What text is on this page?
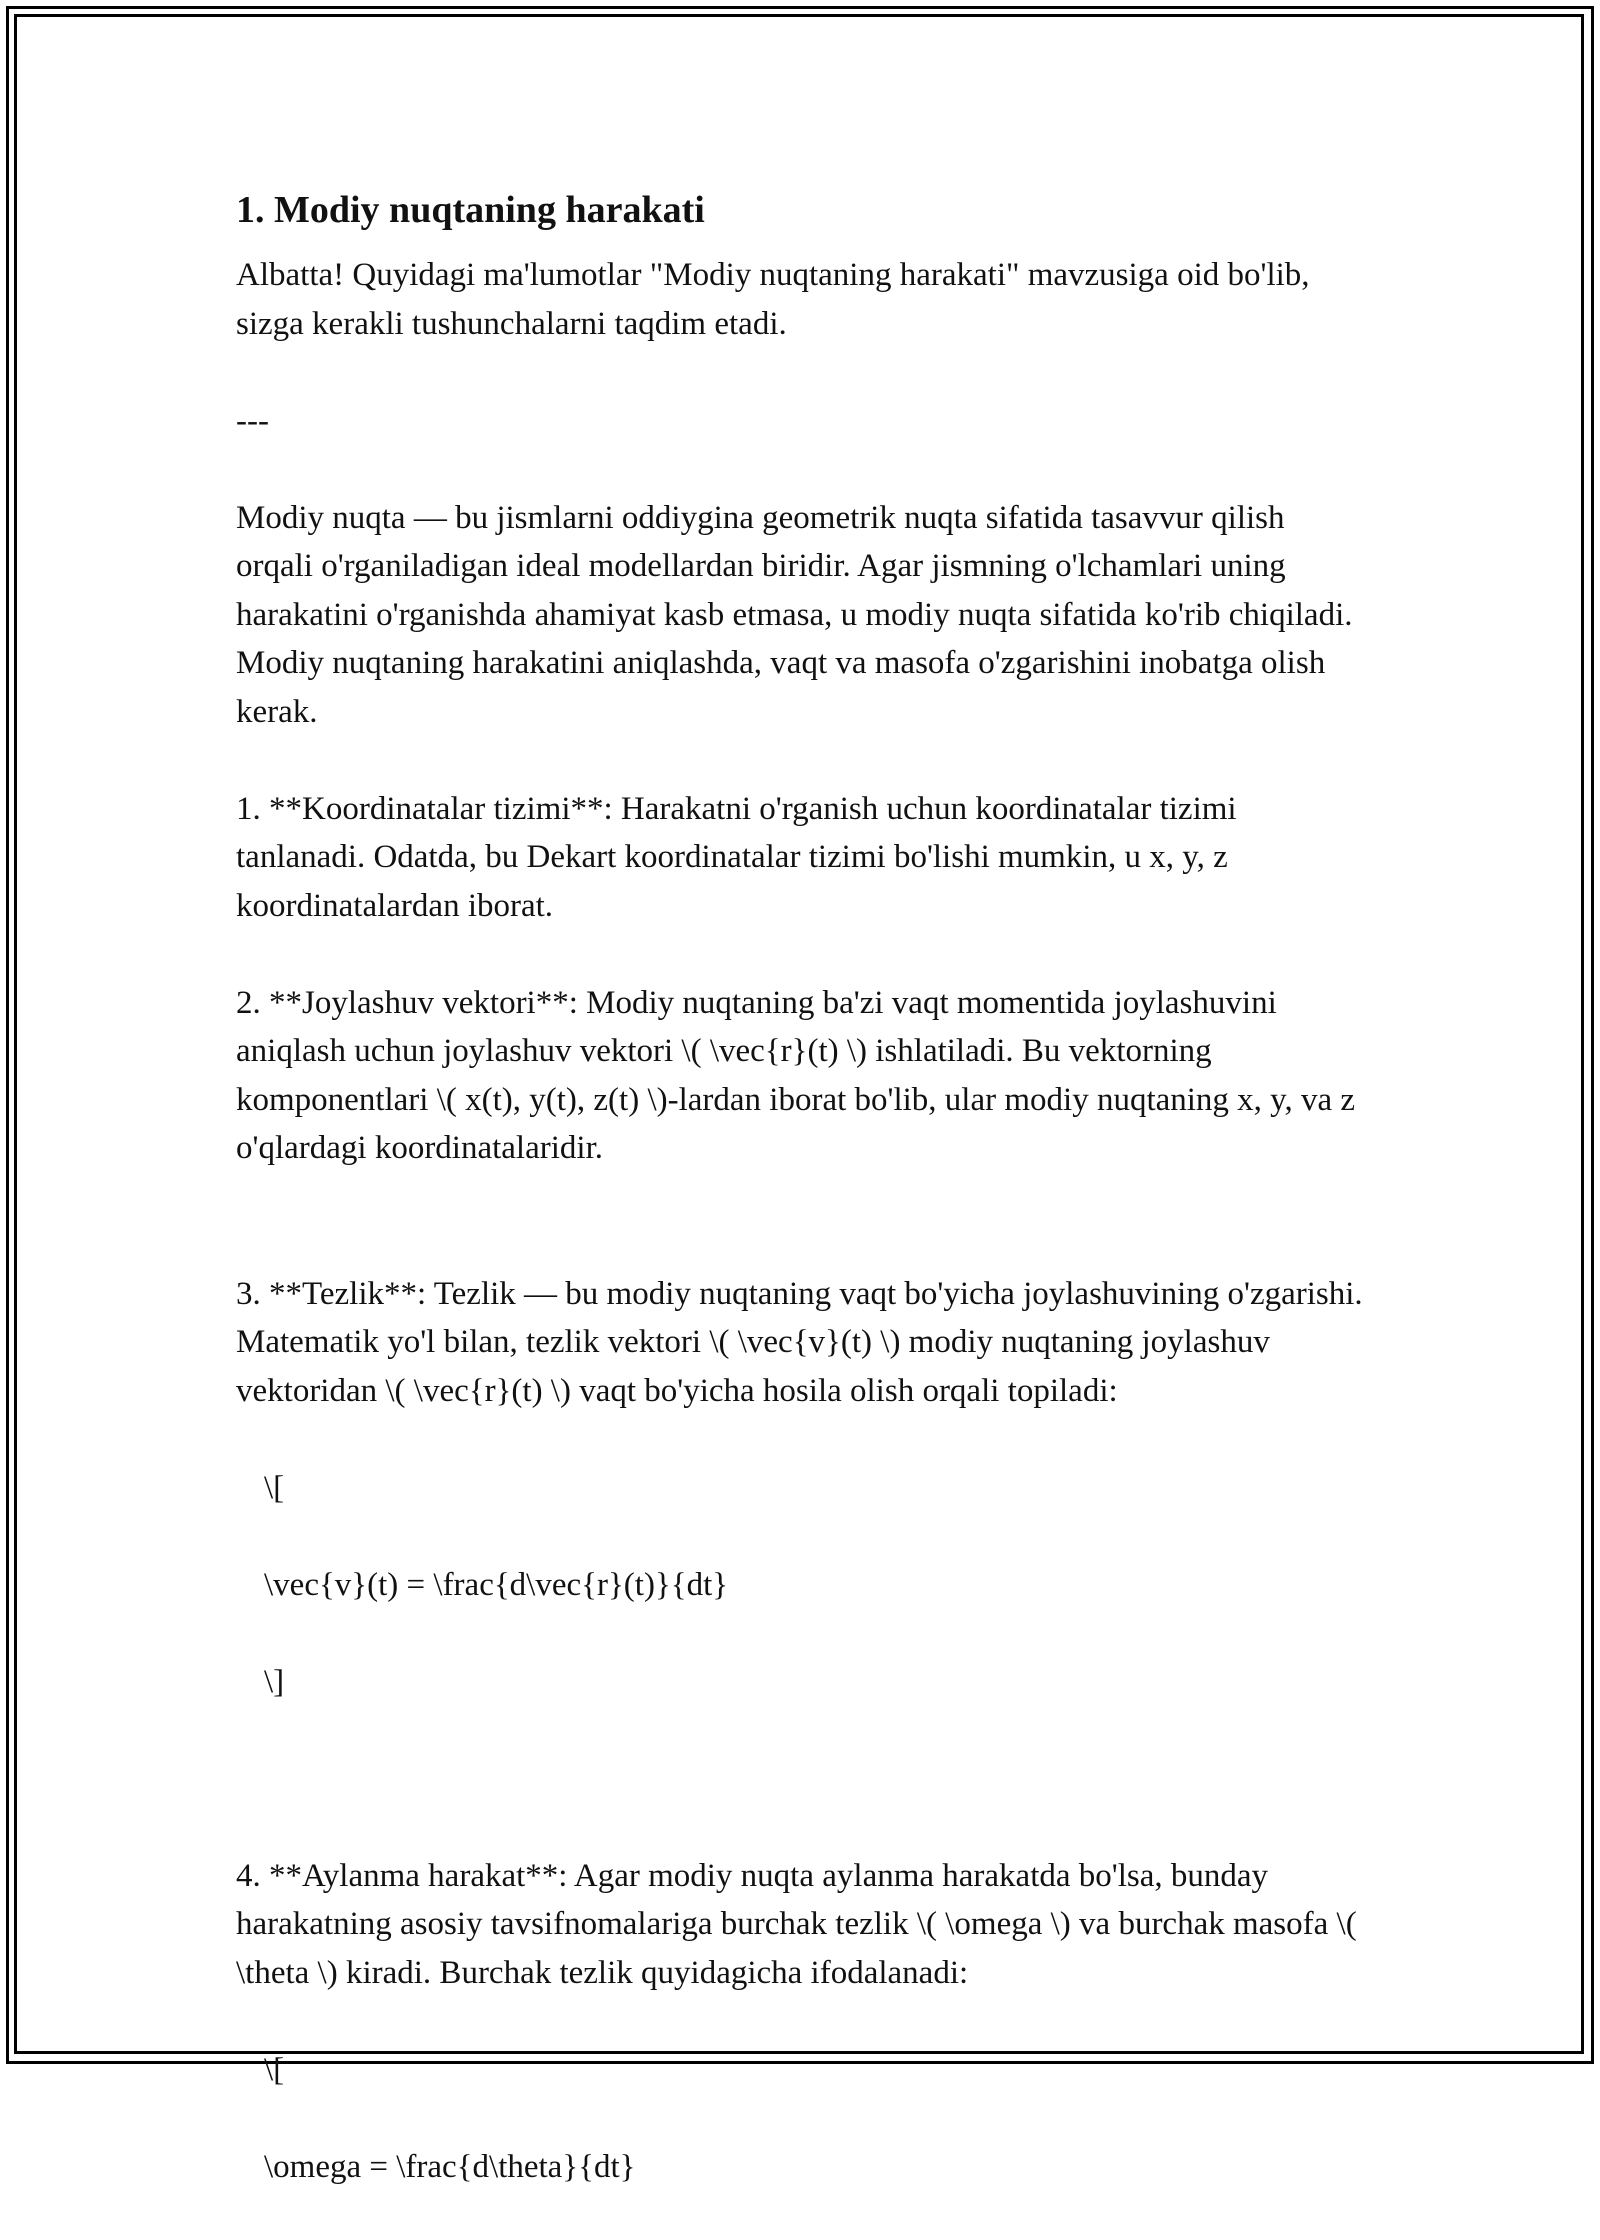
1. Modiy nuqtaning harakati

Albatta! Quyidagi ma'lumotlar "Modiy nuqtaning harakati" mavzusiga oid bo'lib, sizga kerakli tushunchalarni taqdim etadi.

---

Modiy nuqta — bu jismlarni oddiygina geometrik nuqta sifatida tasavvur qilish orqali o'rganiladigan ideal modellardan biridir. Agar jismning o'lchamlari uning harakatini o'rganishda ahamiyat kasb etmasa, u modiy nuqta sifatida ko'rib chiqiladi. Modiy nuqtaning harakatini aniqlashda, vaqt va masofa o'zgarishini inobatga olish kerak.

1. **Koordinatalar tizimi**: Harakatni o'rganish uchun koordinatalar tizimi tanlanadi. Odatda, bu Dekart koordinatalar tizimi bo'lishi mumkin, u x, y, z koordinatalardan iborat.

2. **Joylashuv vektori**: Modiy nuqtaning ba'zi vaqt momentida joylashuvini aniqlash uchun joylashuv vektori \( \vec{r}(t) \) ishlatiladi. Bu vektorning komponentlari \( x(t), y(t), z(t) \)-lardan iborat bo'lib, ular modiy nuqtaning x, y, va z o'qlardagi koordinatalaridir.

3. **Tezlik**: Tezlik — bu modiy nuqtaning vaqt bo'yicha joylashuvining o'zgarishi. Matematik yo'l bilan, tezlik vektori \( \vec{v}(t) \) modiy nuqtaning joylashuv vektoridan \( \vec{r}(t) \) vaqt bo'yicha hosila olish orqali topiladi:

\[

\vec{v}(t) = \frac{d\vec{r}(t)}{dt}

\]

4. **Aylanma harakat**: Agar modiy nuqta aylanma harakatda bo'lsa, bunday harakatning asosiy tavsifnomalariga burchak tezlik \( \omega \) va burchak masofa \( \theta \) kiradi. Burchak tezlik quyidagicha ifodalanadi:

\[

\omega = \frac{d\theta}{dt}
